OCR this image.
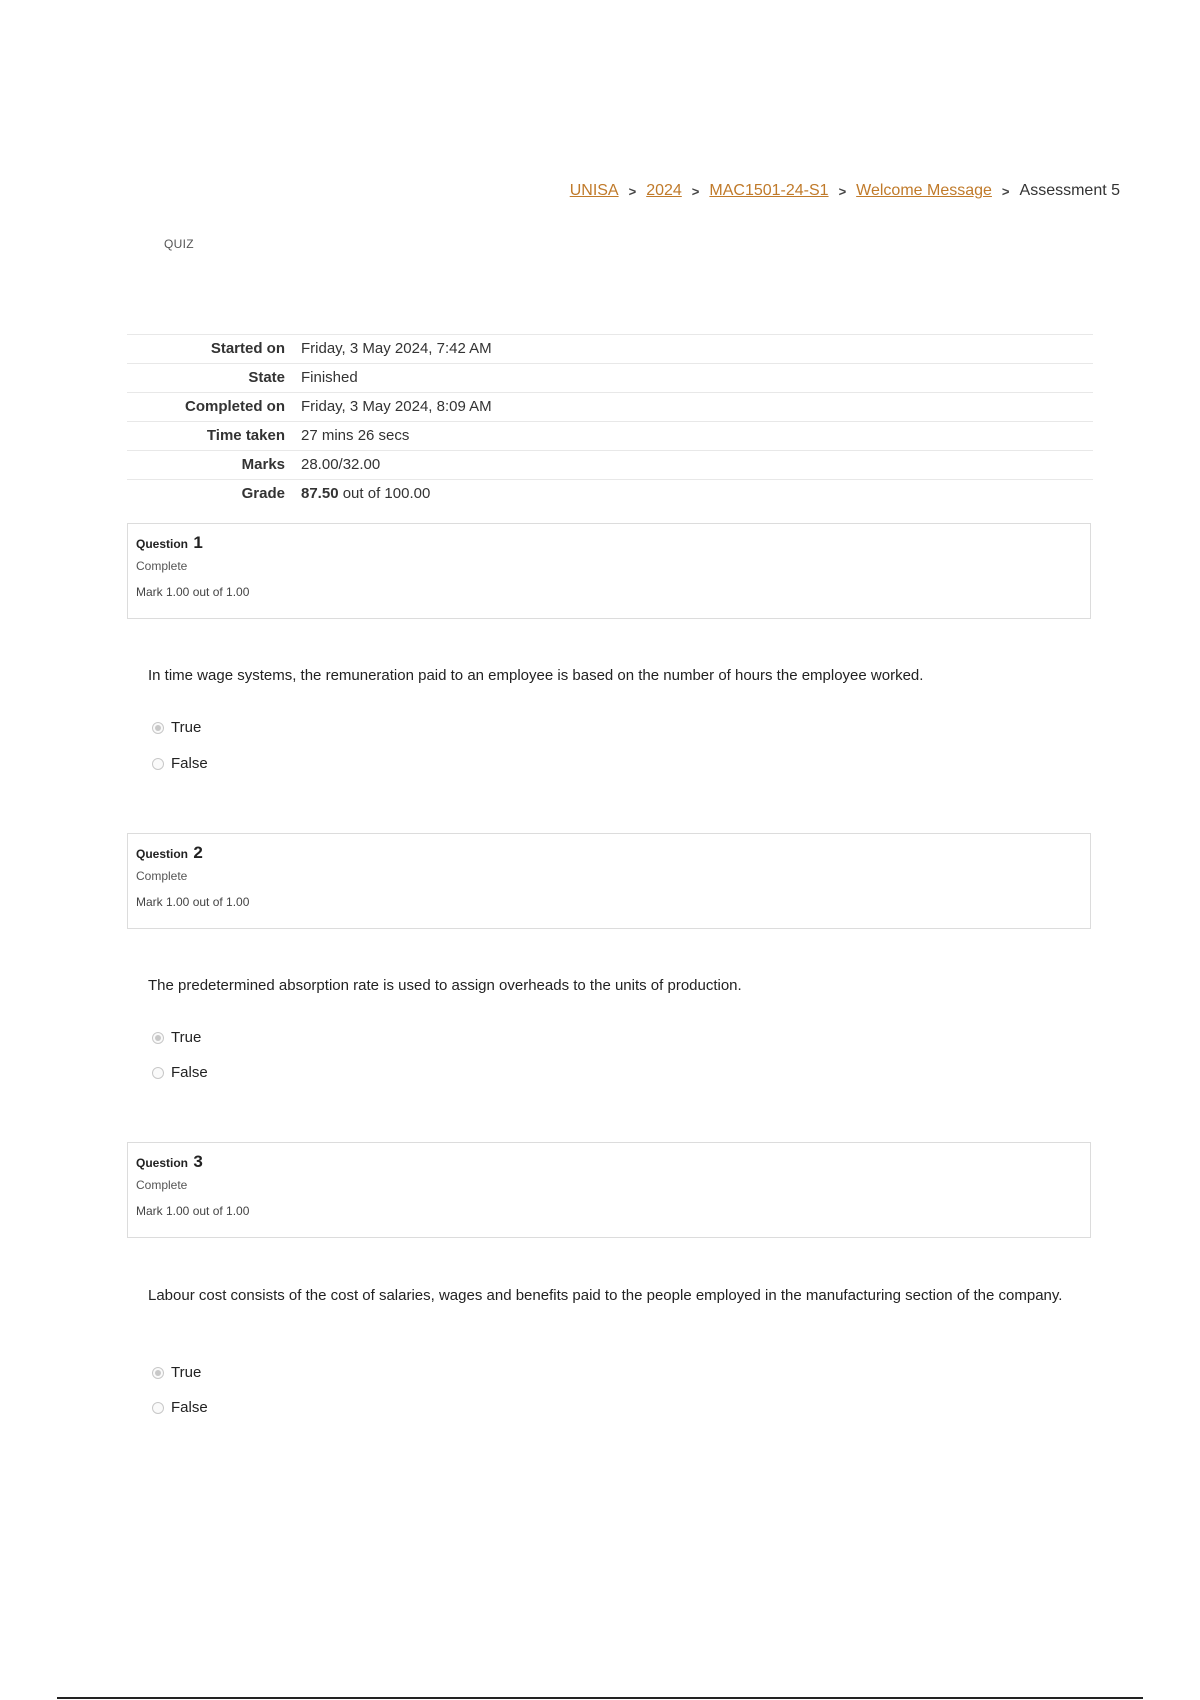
UNISA > 2024 > MAC1501-24-S1 > Welcome Message > Assessment 5
QUIZ
Started on	Friday, 3 May 2024, 7:42 AM
State	Finished
Completed on	Friday, 3 May 2024, 8:09 AM
Time taken	27 mins 26 secs
Marks	28.00/32.00
Grade	87.50 out of 100.00
Question 1
Complete
Mark 1.00 out of 1.00
In time wage systems, the remuneration paid to an employee is based on the number of hours the employee worked.
True
False
Question 2
Complete
Mark 1.00 out of 1.00
The predetermined absorption rate is used to assign overheads to the units of production.
True
False
Question 3
Complete
Mark 1.00 out of 1.00
Labour cost consists of the cost of salaries, wages and benefits paid to the people employed in the manufacturing section of the company.
True
False
